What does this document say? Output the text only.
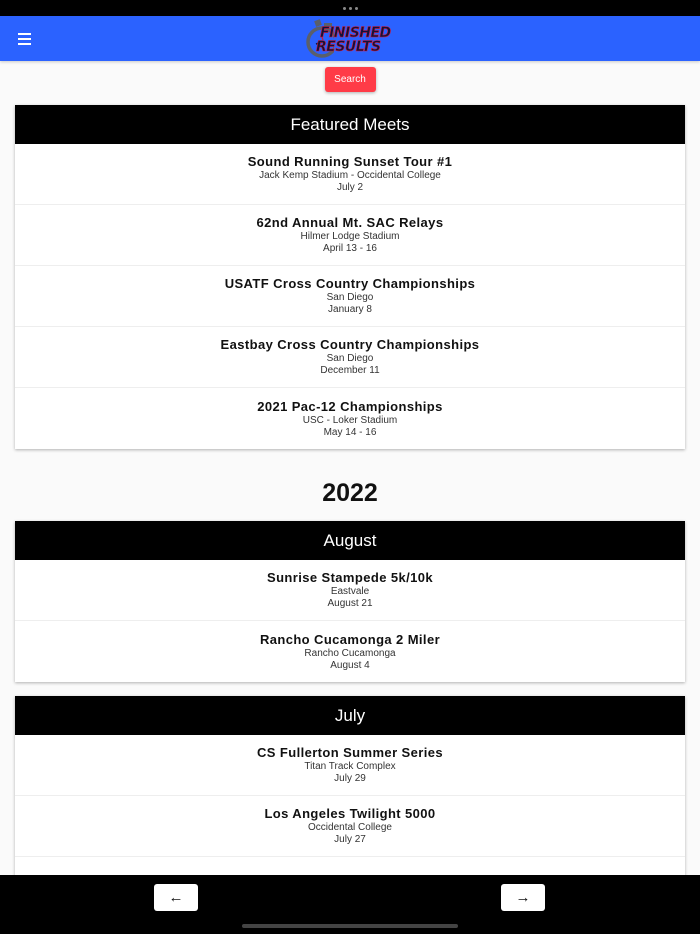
FINISHED
RESULTS
Search
Featured Meets
Sound Running Sunset Tour #1
Jack Kemp Stadium - Occidental College
July 2
62nd Annual Mt. SAC Relays
Hilmer Lodge Stadium
April 13 - 16
USATF Cross Country Championships
San Diego
January 8
Eastbay Cross Country Championships
San Diego
December 11
2021 Pac-12 Championships
USC - Loker Stadium
May 14 - 16
2022
August
Sunrise Stampede 5k/10k
Eastvale
August 21
Rancho Cucamonga 2 Miler
Rancho Cucamonga
August 4
July
CS Fullerton Summer Series
Titan Track Complex
July 29
Los Angeles Twilight 5000
Occidental College
July 27
←	→
